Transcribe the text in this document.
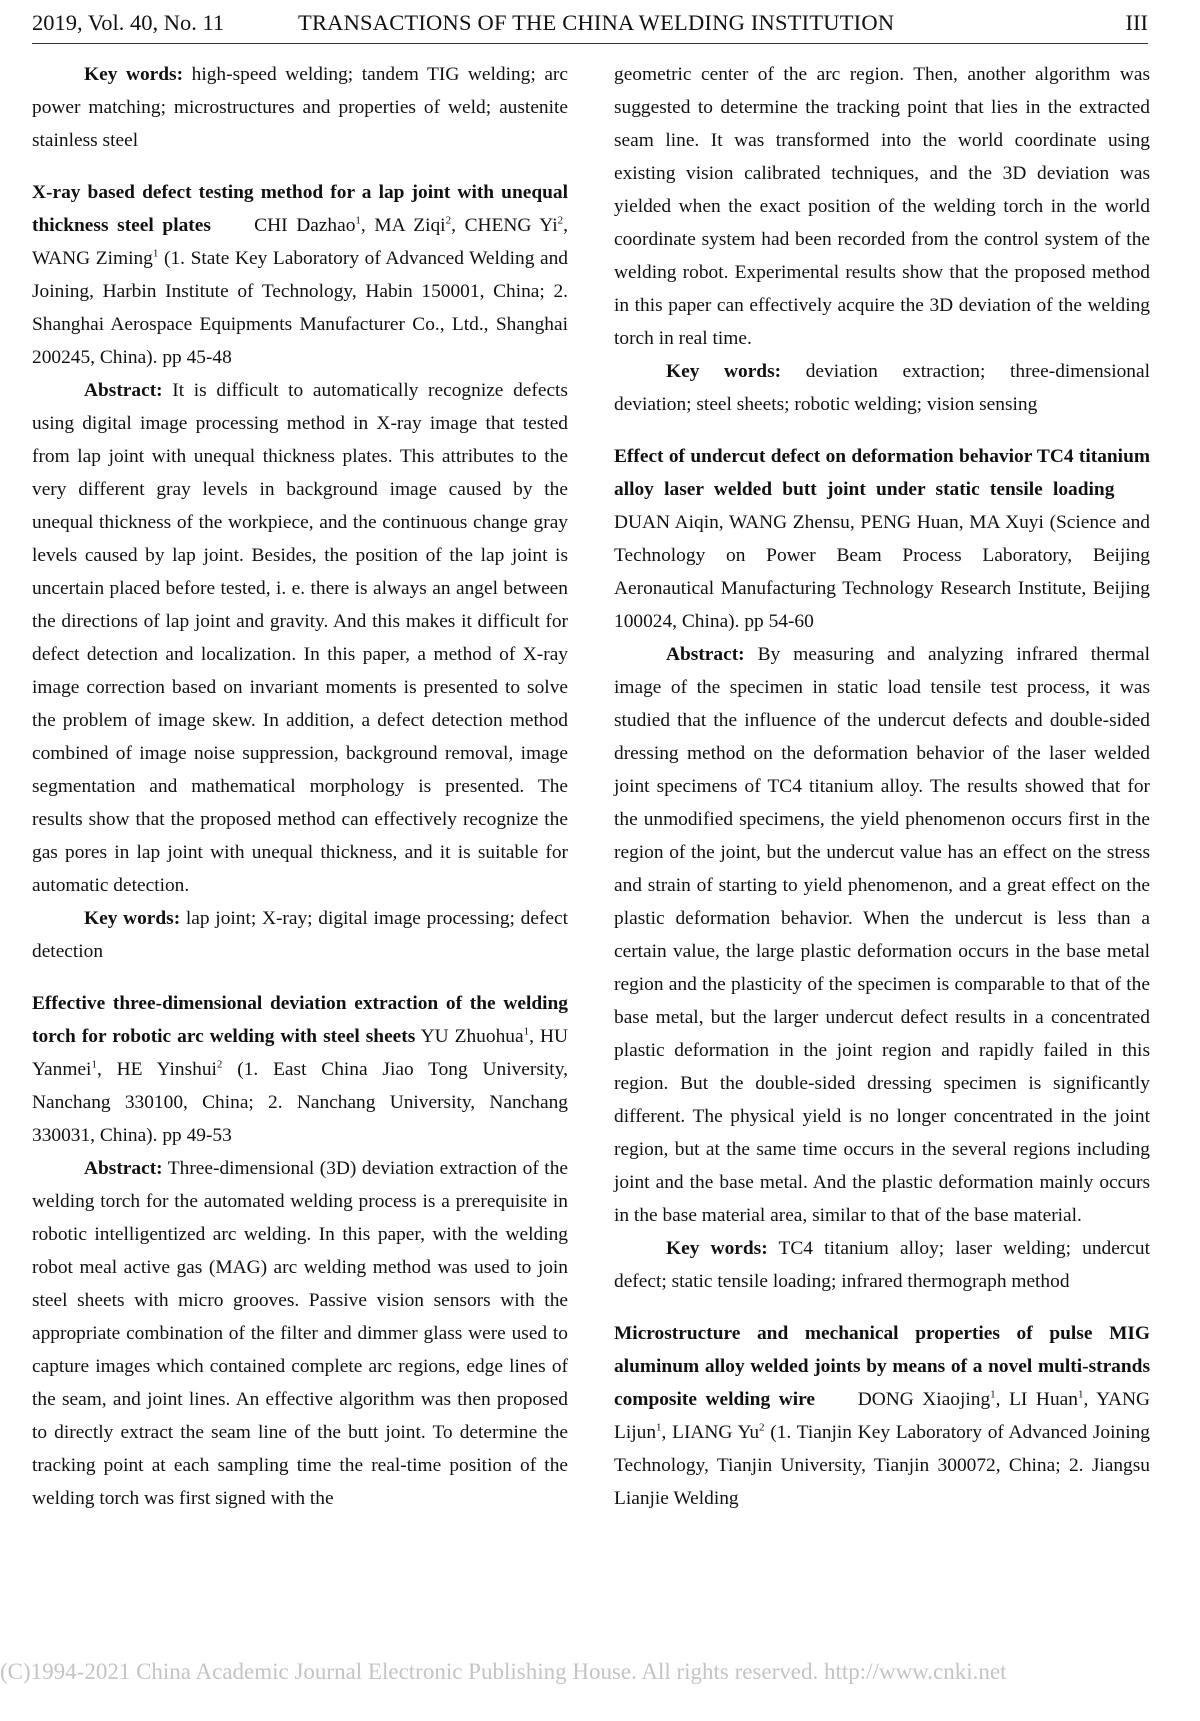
2019, Vol. 40, No. 11	TRANSACTIONS OF THE CHINA WELDING INSTITUTION	III

Key words: high-speed welding; tandem TIG welding; arc power matching; microstructures and properties of weld; austenite stainless steel

X-ray based defect testing method for a lap joint with unequal thickness steel plates CHI Dazhao$^1$, MA Ziqi$^2$, CHENG Yi$^2$, WANG Ziming$^1$ (1. State Key Laboratory of Advanced Welding and Joining, Harbin Institute of Technology, Habin 150001, China; 2. Shanghai Aerospace Equipments Manufacturer Co., Ltd., Shanghai 200245, China). pp 45-48

Abstract: It is difficult to automatically recognize defects using digital image processing method in X-ray image that tested from lap joint with unequal thickness plates. This attributes to the very different gray levels in background image caused by the unequal thickness of the workpiece, and the continuous change gray levels caused by lap joint. Besides, the position of the lap joint is uncertain placed before tested, i. e. there is always an angel between the directions of lap joint and gravity. And this makes it difficult for defect detection and localization. In this paper, a method of X-ray image correction based on invariant moments is presented to solve the problem of image skew. In addition, a defect detection method combined of image noise suppression, background removal, image segmentation and mathematical morphology is presented. The results show that the proposed method can effectively recognize the gas pores in lap joint with unequal thickness, and it is suitable for automatic detection.

Key words: lap joint; X-ray; digital image processing; defect detection

Effective three-dimensional deviation extraction of the welding torch for robotic arc welding with steel sheets YU Zhuohua$^1$, HU Yanmei$^1$, HE Yinshui$^2$ (1. East China Jiao Tong University, Nanchang 330100, China; 2. Nanchang University, Nanchang 330031, China). pp 49-53

Abstract: Three-dimensional (3D) deviation extraction of the welding torch for the automated welding process is a prerequisite in robotic intelligentized arc welding. In this paper, with the welding robot meal active gas (MAG) arc welding method was used to join steel sheets with micro grooves. Passive vision sensors with the appropriate combination of the filter and dimmer glass were used to capture images which contained complete arc regions, edge lines of the seam, and joint lines. An effective algorithm was then proposed to directly extract the seam line of the butt joint. To determine the tracking point at each sampling time the real-time position of the welding torch was first signed with the

geometric center of the arc region. Then, another algorithm was suggested to determine the tracking point that lies in the extracted seam line. It was transformed into the world coordinate using existing vision calibrated techniques, and the 3D deviation was yielded when the exact position of the welding torch in the world coordinate system had been recorded from the control system of the welding robot. Experimental results show that the proposed method in this paper can effectively acquire the 3D deviation of the welding torch in real time.

Key words: deviation extraction; three-dimensional deviation; steel sheets; robotic welding; vision sensing

Effect of undercut defect on deformation behavior TC4 titanium alloy laser welded butt joint under static tensile loading     DUAN Aiqin, WANG Zhensu, PENG Huan, MA Xuyi (Science and Technology on Power Beam Process Laboratory, Beijing Aeronautical Manufacturing Technology Research Institute, Beijing 100024, China). pp 54-60

Abstract: By measuring and analyzing infrared thermal image of the specimen in static load tensile test process, it was studied that the influence of the undercut defects and double-sided dressing method on the deformation behavior of the laser welded joint specimens of TC4 titanium alloy. The results showed that for the unmodified specimens, the yield phenomenon occurs first in the region of the joint, but the undercut value has an effect on the stress and strain of starting to yield phenomenon, and a great effect on the plastic deformation behavior. When the undercut is less than a certain value, the large plastic deformation occurs in the base metal region and the plasticity of the specimen is comparable to that of the base metal, but the larger undercut defect results in a concentrated plastic deformation in the joint region and rapidly failed in this region. But the double-sided dressing specimen is significantly different. The physical yield is no longer concentrated in the joint region, but at the same time occurs in the several regions including joint and the base metal. And the plastic deformation mainly occurs in the base material area, similar to that of the base material.

Key words: TC4 titanium alloy; laser welding; undercut defect; static tensile loading; infrared thermograph method

Microstructure and mechanical properties of pulse MIG aluminum alloy welded joints by means of a novel multi-strands composite welding wire DONG Xiaojing$^1$, LI Huan$^1$, YANG Lijun$^1$, LIANG Yu$^2$ (1. Tianjin Key Laboratory of Advanced Joining Technology, Tianjin University, Tianjin 300072, China; 2. Jiangsu Lianjie Welding

(C)1994-2021 China Academic Journal Electronic Publishing House. All rights reserved. http://www.cnki.net
